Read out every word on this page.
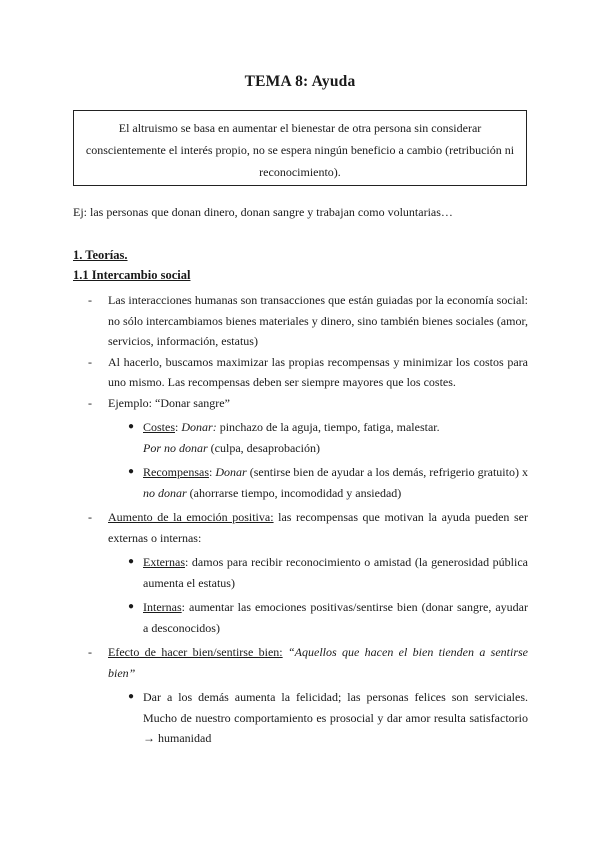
TEMA 8: Ayuda
El altruismo se basa en aumentar el bienestar de otra persona sin considerar conscientemente el interés propio, no se espera ningún beneficio a cambio (retribución ni reconocimiento).
Ej: las personas que donan dinero, donan sangre y trabajan como voluntarias…
1. Teorías.
1.1 Intercambio social
- Las interacciones humanas son transacciones que están guiadas por la economía social: no sólo intercambiamos bienes materiales y dinero, sino también bienes sociales (amor, servicios, información, estatus)
- Al hacerlo, buscamos maximizar las propias recompensas y minimizar los costos para uno mismo. Las recompensas deben ser siempre mayores que los costes.
- Ejemplo: “Donar sangre”
● Costes: Donar: pinchazo de la aguja, tiempo, fatiga, malestar.
Por no donar (culpa, desaprobación)
● Recompensas: Donar (sentirse bien de ayudar a los demás, refrigerio gratuito) x no donar (ahorrarse tiempo, incomodidad y ansiedad)
- Aumento de la emoción positiva: las recompensas que motivan la ayuda pueden ser externas o internas:
● Externas: damos para recibir reconocimiento o amistad (la generosidad pública aumenta el estatus)
● Internas: aumentar las emociones positivas/sentirse bien (donar sangre, ayudar a desconocidos)
- Efecto de hacer bien/sentirse bien: “Aquellos que hacen el bien tienden a sentirse bien”
● Dar a los demás aumenta la felicidad; las personas felices son serviciales. Mucho de nuestro comportamiento es prosocial y dar amor resulta satisfactorio → humanidad
